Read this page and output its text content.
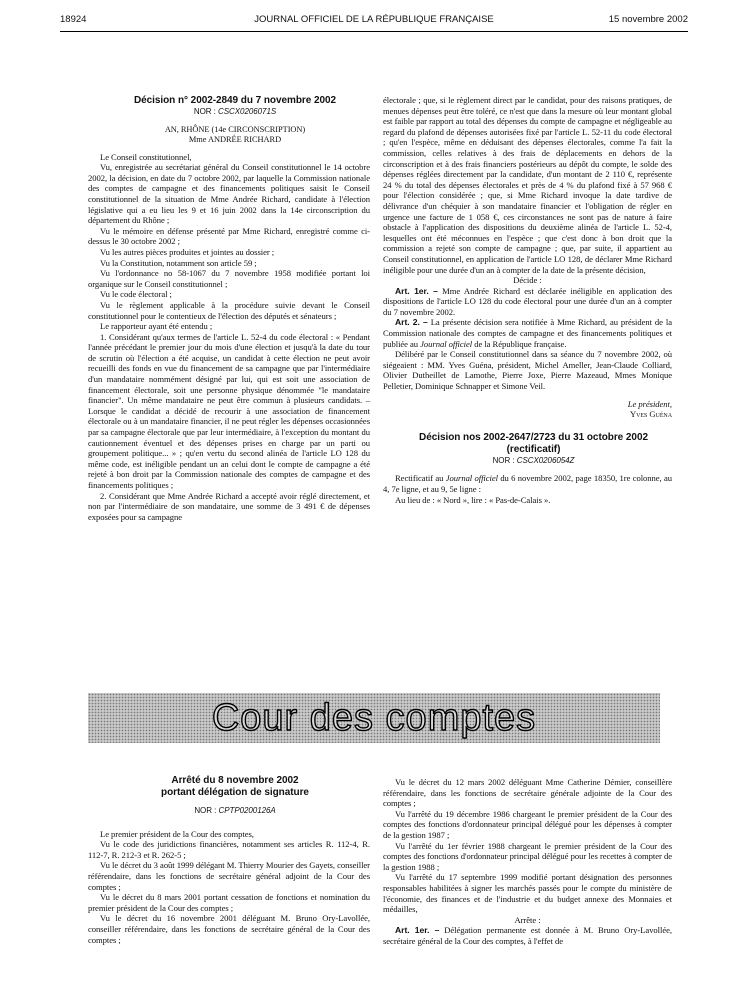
18924	JOURNAL OFFICIEL DE LA RÉPUBLIQUE FRANÇAISE	15 novembre 2002

Décision n° 2002-2849 du 7 novembre 2002

NOR : CSCX0206071S

AN, RHÔNE (14e CIRCONSCRIPTION)

Mme ANDRÉE RICHARD

Le Conseil constitutionnel,

Vu, enregistrée au secrétariat général du Conseil constitutionnel le 14 octobre 2002, la décision, en date du 7 octobre 2002, par laquelle la Commission nationale des comptes de campagne et des financements politiques saisit le Conseil constitutionnel de la situation de Mme Andrée Richard, candidate à l'élection législative qui a eu lieu les 9 et 16 juin 2002 dans la 14e circonscription du département du Rhône ;

Vu le mémoire en défense présenté par Mme Richard, enregistré comme ci-dessus le 30 octobre 2002 ;

Vu les autres pièces produites et jointes au dossier ;

Vu la Constitution, notamment son article 59 ;

Vu l'ordonnance no 58-1067 du 7 novembre 1958 modifiée portant loi organique sur le Conseil constitutionnel ;

Vu le code électoral ;

Vu le règlement applicable à la procédure suivie devant le Conseil constitutionnel pour le contentieux de l'élection des députés et sénateurs ;

Le rapporteur ayant été entendu ;

1. Considérant qu'aux termes de l'article L. 52-4 du code électoral : « Pendant l'année précédant le premier jour du mois d'une élection et jusqu'à la date du tour de scrutin où l'élection a été acquise, un candidat à cette élection ne peut avoir recueilli des fonds en vue du financement de sa campagne que par l'intermédiaire d'un mandataire nommément désigné par lui, qui est soit une association de financement électorale, soit une personne physique dénommée "le mandataire financier". Un même mandataire ne peut être commun à plusieurs candidats. – Lorsque le candidat a décidé de recourir à une association de financement électorale ou à un mandataire financier, il ne peut régler les dépenses occasionnées par sa campagne électorale que par leur intermédiaire, à l'exception du montant du cautionnement éventuel et des dépenses prises en charge par un parti ou groupement politique... » ; qu'en vertu du second alinéa de l'article LO 128 du même code, est inéligible pendant un an celui dont le compte de campagne a été rejeté à bon droit par la Commission nationale des comptes de campagne et des financements politiques ;

2. Considérant que Mme Andrée Richard a accepté avoir réglé directement, et non par l'intermédiaire de son mandataire, une somme de 3 491 € de dépenses exposées pour sa campagne

électorale ; que, si le règlement direct par le candidat, pour des raisons pratiques, de menues dépenses peut être toléré, ce n'est que dans la mesure où leur montant global est faible par rapport au total des dépenses du compte de campagne et négligeable au regard du plafond de dépenses autorisées fixé par l'article L. 52-11 du code électoral ; qu'en l'espèce, même en déduisant des dépenses électorales, comme l'a fait la commission, celles relatives à des frais de déplacements en dehors de la circonscription et à des frais financiers postérieurs au dépôt du compte, le solde des dépenses réglées directement par la candidate, d'un montant de 2 110 €, représente 24 % du total des dépenses électorales et près de 4 % du plafond fixé à 57 968 € pour l'élection considérée ; que, si Mme Richard invoque la date tardive de délivrance d'un chéquier à son mandataire financier et l'obligation de régler en urgence une facture de 1 058 €, ces circonstances ne sont pas de nature à faire obstacle à l'application des dispositions du deuxième alinéa de l'article L. 52-4, lesquelles ont été méconnues en l'espèce ; que c'est donc à bon droit que la commission a rejeté son compte de campagne ; que, par suite, il appartient au Conseil constitutionnel, en application de l'article LO 128, de déclarer Mme Richard inéligible pour une durée d'un an à compter de la date de la présente décision,

Décide :

Art. 1er. – Mme Andrée Richard est déclarée inéligible en application des dispositions de l'article LO 128 du code électoral pour une durée d'un an à compter du 7 novembre 2002.

Art. 2. – La présente décision sera notifiée à Mme Richard, au président de la Commission nationale des comptes de campagne et des financements politiques et publiée au Journal officiel de la République française.

Délibéré par le Conseil constitutionnel dans sa séance du 7 novembre 2002, où siégeaient : MM. Yves Guéna, président, Michel Ameller, Jean-Claude Colliard, Olivier Dutheillet de Lamothe, Pierre Joxe, Pierre Mazeaud, Mmes Monique Pelletier, Dominique Schnapper et Simone Veil.

Le président,

Yves Guéna

Décision nos 2002-2647/2723 du 31 octobre 2002

(rectificatif)

NOR : CSCX0206054Z

Rectificatif au Journal officiel du 6 novembre 2002, page 18350, 1re colonne, au 4, 7e ligne, et au 9, 5e ligne :

Au lieu de : « Nord », lire : « Pas-de-Calais ».

Cour des comptes

Arrêté du 8 novembre 2002

portant délégation de signature

NOR : CPTP0200126A

Le premier président de la Cour des comptes,

Vu le code des juridictions financières, notamment ses articles R. 112-4, R. 112-7, R. 212-3 et R. 262-5 ;

Vu le décret du 3 août 1999 délégant M. Thierry Mourier des Gayets, conseiller référendaire, dans les fonctions de secrétaire général adjoint de la Cour des comptes ;

Vu le décret du 8 mars 2001 portant cessation de fonctions et nomination du premier président de la Cour des comptes ;

Vu le décret du 16 novembre 2001 déléguant M. Bruno Ory-Lavollée, conseiller référendaire, dans les fonctions de secrétaire général de la Cour des comptes ;

Vu le décret du 12 mars 2002 déléguant Mme Catherine Démier, conseillère référendaire, dans les fonctions de secrétaire générale adjointe de la Cour des comptes ;

Vu l'arrêté du 19 décembre 1986 chargeant le premier président de la Cour des comptes des fonctions d'ordonnateur principal délégué pour les dépenses à compter de la gestion 1987 ;

Vu l'arrêté du 1er février 1988 chargeant le premier président de la Cour des comptes des fonctions d'ordonnateur principal délégué pour les recettes à compter de la gestion 1988 ;

Vu l'arrêté du 17 septembre 1999 modifié portant désignation des personnes responsables habilitées à signer les marchés passés pour le compte du ministère de l'économie, des finances et de l'industrie et du budget annexe des Monnaies et médailles,

Arrête :

Art. 1er. – Délégation permanente est donnée à M. Bruno Ory-Lavollée, secrétaire général de la Cour des comptes, à l'effet de
